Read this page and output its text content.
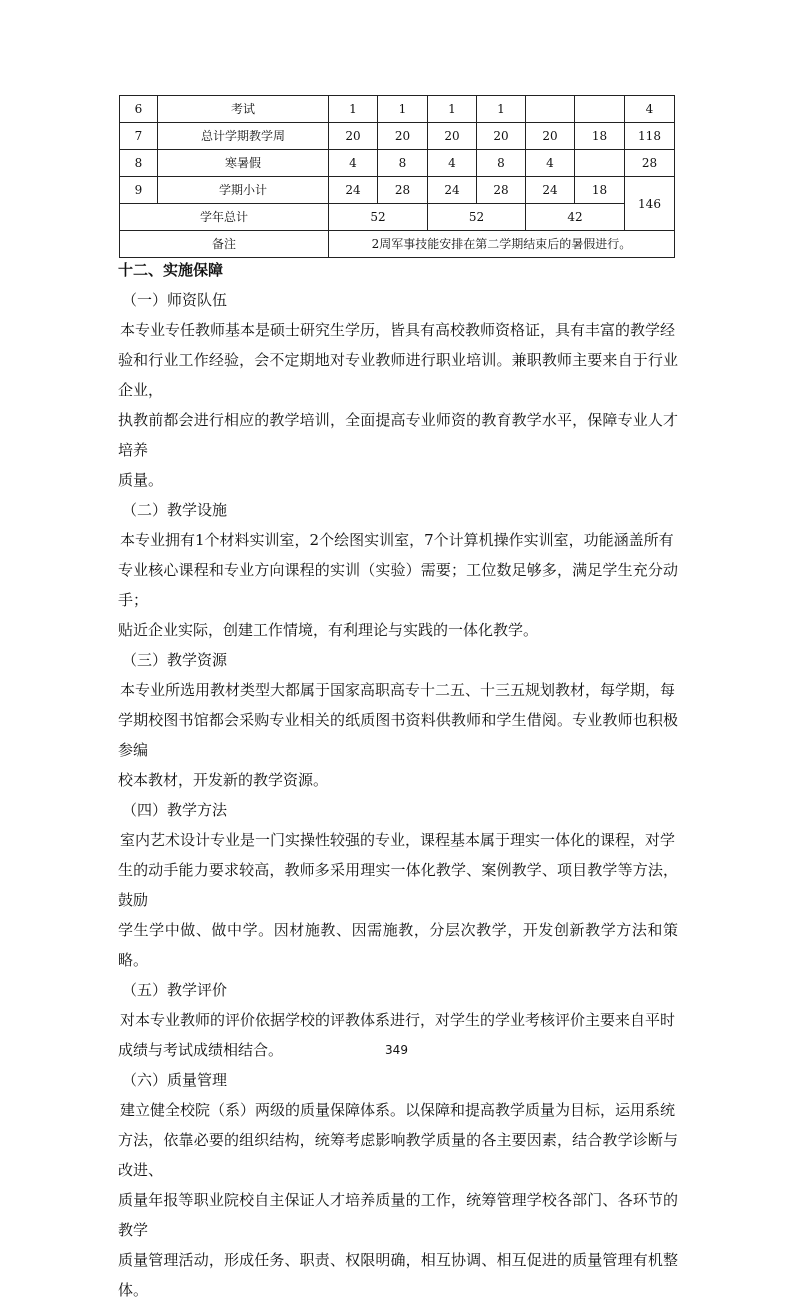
6	考试	1	1	1	1			4
7	总计学期教学周	20	20	20	20	20	18	118
8	寒暑假	4	8	4	8	4		28
9	学期小计	24	28	24	28	24	18	146
学年总计		52		52		42		
备注		2周军事技能安排在第二学期结束后的暑假进行。						

十二、实施保障

（一）师资队伍

本专业专任教师基本是硕士研究生学历，皆具有高校教师资格证，具有丰富的教学经

验和行业工作经验，会不定期地对专业教师进行职业培训。兼职教师主要来自于行业企业，

执教前都会进行相应的教学培训，全面提高专业师资的教育教学水平，保障专业人才培养

质量。

（二）教学设施

本专业拥有1个材料实训室，2个绘图实训室，7个计算机操作实训室，功能涵盖所有

专业核心课程和专业方向课程的实训（实验）需要；工位数足够多，满足学生充分动手；

贴近企业实际，创建工作情境，有利理论与实践的一体化教学。

（三）教学资源

本专业所选用教材类型大都属于国家高职高专十二五、十三五规划教材，每学期，每

学期校图书馆都会采购专业相关的纸质图书资料供教师和学生借阅。专业教师也积极参编

校本教材，开发新的教学资源。

（四）教学方法

室内艺术设计专业是一门实操性较强的专业，课程基本属于理实一体化的课程，对学

生的动手能力要求较高，教师多采用理实一体化教学、案例教学、项目教学等方法，鼓励

学生学中做、做中学。因材施教、因需施教，分层次教学，开发创新教学方法和策略。

（五）教学评价

对本专业教师的评价依据学校的评教体系进行，对学生的学业考核评价主要来自平时

成绩与考试成绩相结合。

（六）质量管理

建立健全校院（系）两级的质量保障体系。以保障和提高教学质量为目标，运用系统

方法，依靠必要的组织结构，统筹考虑影响教学质量的各主要因素，结合教学诊断与改进、

质量年报等职业院校自主保证人才培养质量的工作，统筹管理学校各部门、各环节的教学

质量管理活动，形成任务、职责、权限明确，相互协调、相互促进的质量管理有机整体。

349
